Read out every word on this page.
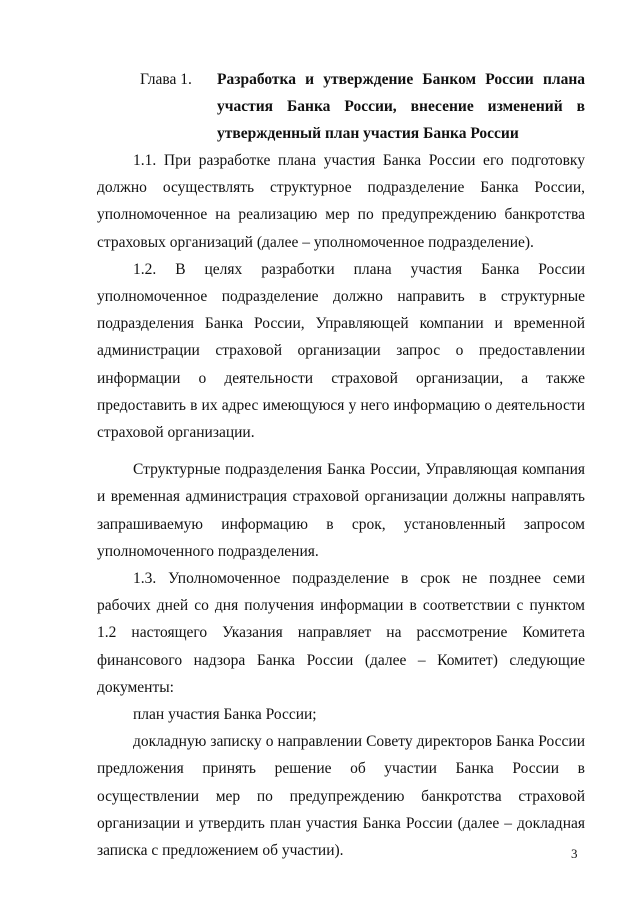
Глава 1. Разработка и утверждение Банком России плана участия Банка России, внесение изменений в утвержденный план участия Банка России

1.1. При разработке плана участия Банка России его подготовку должно осуществлять структурное подразделение Банка России, уполномоченное на реализацию мер по предупреждению банкротства страховых организаций (далее – уполномоченное подразделение).

1.2. В целях разработки плана участия Банка России уполномоченное подразделение должно направить в структурные подразделения Банка России, Управляющей компании и временной администрации страховой организации запрос о предоставлении информации о деятельности страховой организации, а также предоставить в их адрес имеющуюся у него информацию о деятельности страховой организации.

Структурные подразделения Банка России, Управляющая компания и временная администрация страховой организации должны направлять запрашиваемую информацию в срок, установленный запросом уполномоченного подразделения.

1.3. Уполномоченное подразделение в срок не позднее семи рабочих дней со дня получения информации в соответствии с пунктом 1.2 настоящего Указания направляет на рассмотрение Комитета финансового надзора Банка России (далее – Комитет) следующие документы:

план участия Банка России;

докладную записку о направлении Совету директоров Банка России предложения принять решение об участии Банка России в осуществлении мер по предупреждению банкротства страховой организации и утвердить план участия Банка России (далее – докладная записка с предложением об участии).	3
